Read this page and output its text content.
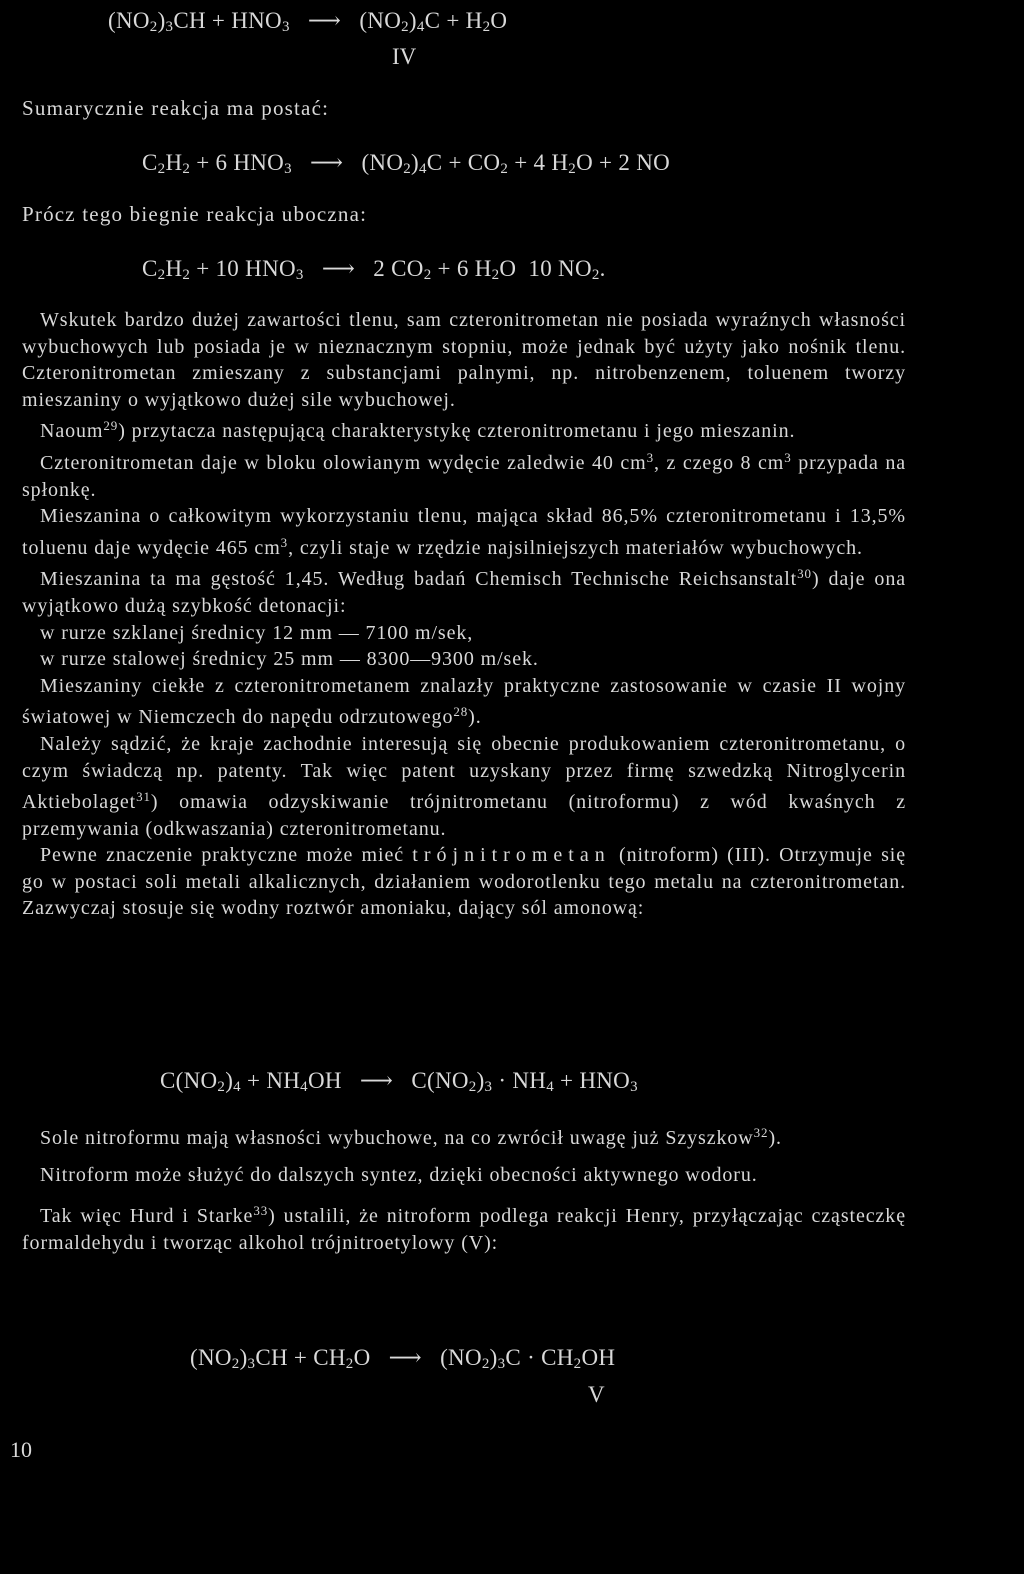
$(NO_2)_3CH + HNO_3$ ⟶ $(NO_2)_4C + H_2O$
IV
Sumarycznie reakcja ma postać:
$C_2H_2 + 6$ $HNO_3$ ⟶ $(NO_2)_4C + CO_2 + 4$ $H_2O + 2$ NO
Prócz tego biegnie reakcja uboczna:
$C_2H_2 + 10$ $HNO_3$ ⟶ 2 $CO_2 + 6$ $H_2O$  10 $NO_2$.

Wskutek bardzo dużej zawartości tlenu, sam czteronitrometan nie posiada wyraźnych własności wybuchowych lub posiada je w nieznacznym stopniu, może jednak być użyty jako nośnik tlenu. Czteronitrometan zmieszany z substancjami palnymi, np. nitrobenzenem, toluenem tworzy mieszaniny o wyjątkowo dużej sile wybuchowej.

Naoum$^{29}$) przytacza następującą charakterystykę czteronitrometanu i jego mieszanin.

Czteronitrometan daje w bloku olowianym wydęcie zaledwie 40 $cm^3$, z czego 8 $cm^3$ przypada na spłonkę.

Mieszanina o całkowitym wykorzystaniu tlenu, mająca skład 86,5% czteronitrometanu i 13,5% toluenu daje wydęcie 465 $cm^3$, czyli staje w rzędzie najsilniejszych materiałów wybuchowych.

Mieszanina ta ma gęstość 1,45. Według badań Chemisch Technische Reichsanstalt$^{30}$) daje ona wyjątkowo dużą szybkość detonacji:

w rurze szklanej średnicy 12 mm — 7100 m/sek,

w rurze stalowej średnicy 25 mm — 8300—9300 m/sek.

Mieszaniny ciekłe z czteronitrometanem znalazły praktyczne zastosowanie w czasie II wojny światowej w Niemczech do napędu odrzutowego$^{28}$).

Należy sądzić, że kraje zachodnie interesują się obecnie produkowaniem czteronitrometanu, o czym świadczą np. patenty. Tak więc patent uzyskany przez firmę szwedzką Nitroglycerin Aktiebolaget$^{31}$) omawia odzyskiwanie trójnitrometanu (nitroformu) z wód kwaśnych z przemywania (odkwaszania) czteronitrometanu.

Pewne znaczenie praktyczne może mieć trójnitrometan (nitroform) (III). Otrzymuje się go w postaci soli metali alkalicznych, działaniem wodorotlenku tego metalu na czteronitrometan. Zazwyczaj stosuje się wodny roztwór amoniaku, dający sól amonową:

$C(NO_2)_4 + NH_4OH$ ⟶ $C(NO_2)_3 \cdot NH_4 + HNO_3$

Sole nitroformu mają własności wybuchowe, na co zwrócił uwagę już Szyszkow$^{32}$).

Nitroform może służyć do dalszych syntez, dzięki obecności aktywnego wodoru.

Tak więc Hurd i Starke$^{33}$) ustalili, że nitroform podlega reakcji Henry, przyłączając cząsteczkę formaldehydu i tworząc alkohol trójnitroetylowy (V):

$(NO_2)_3CH + CH_2O$ ⟶ $(NO_2)_3C \cdot CH_2OH$
V
10
